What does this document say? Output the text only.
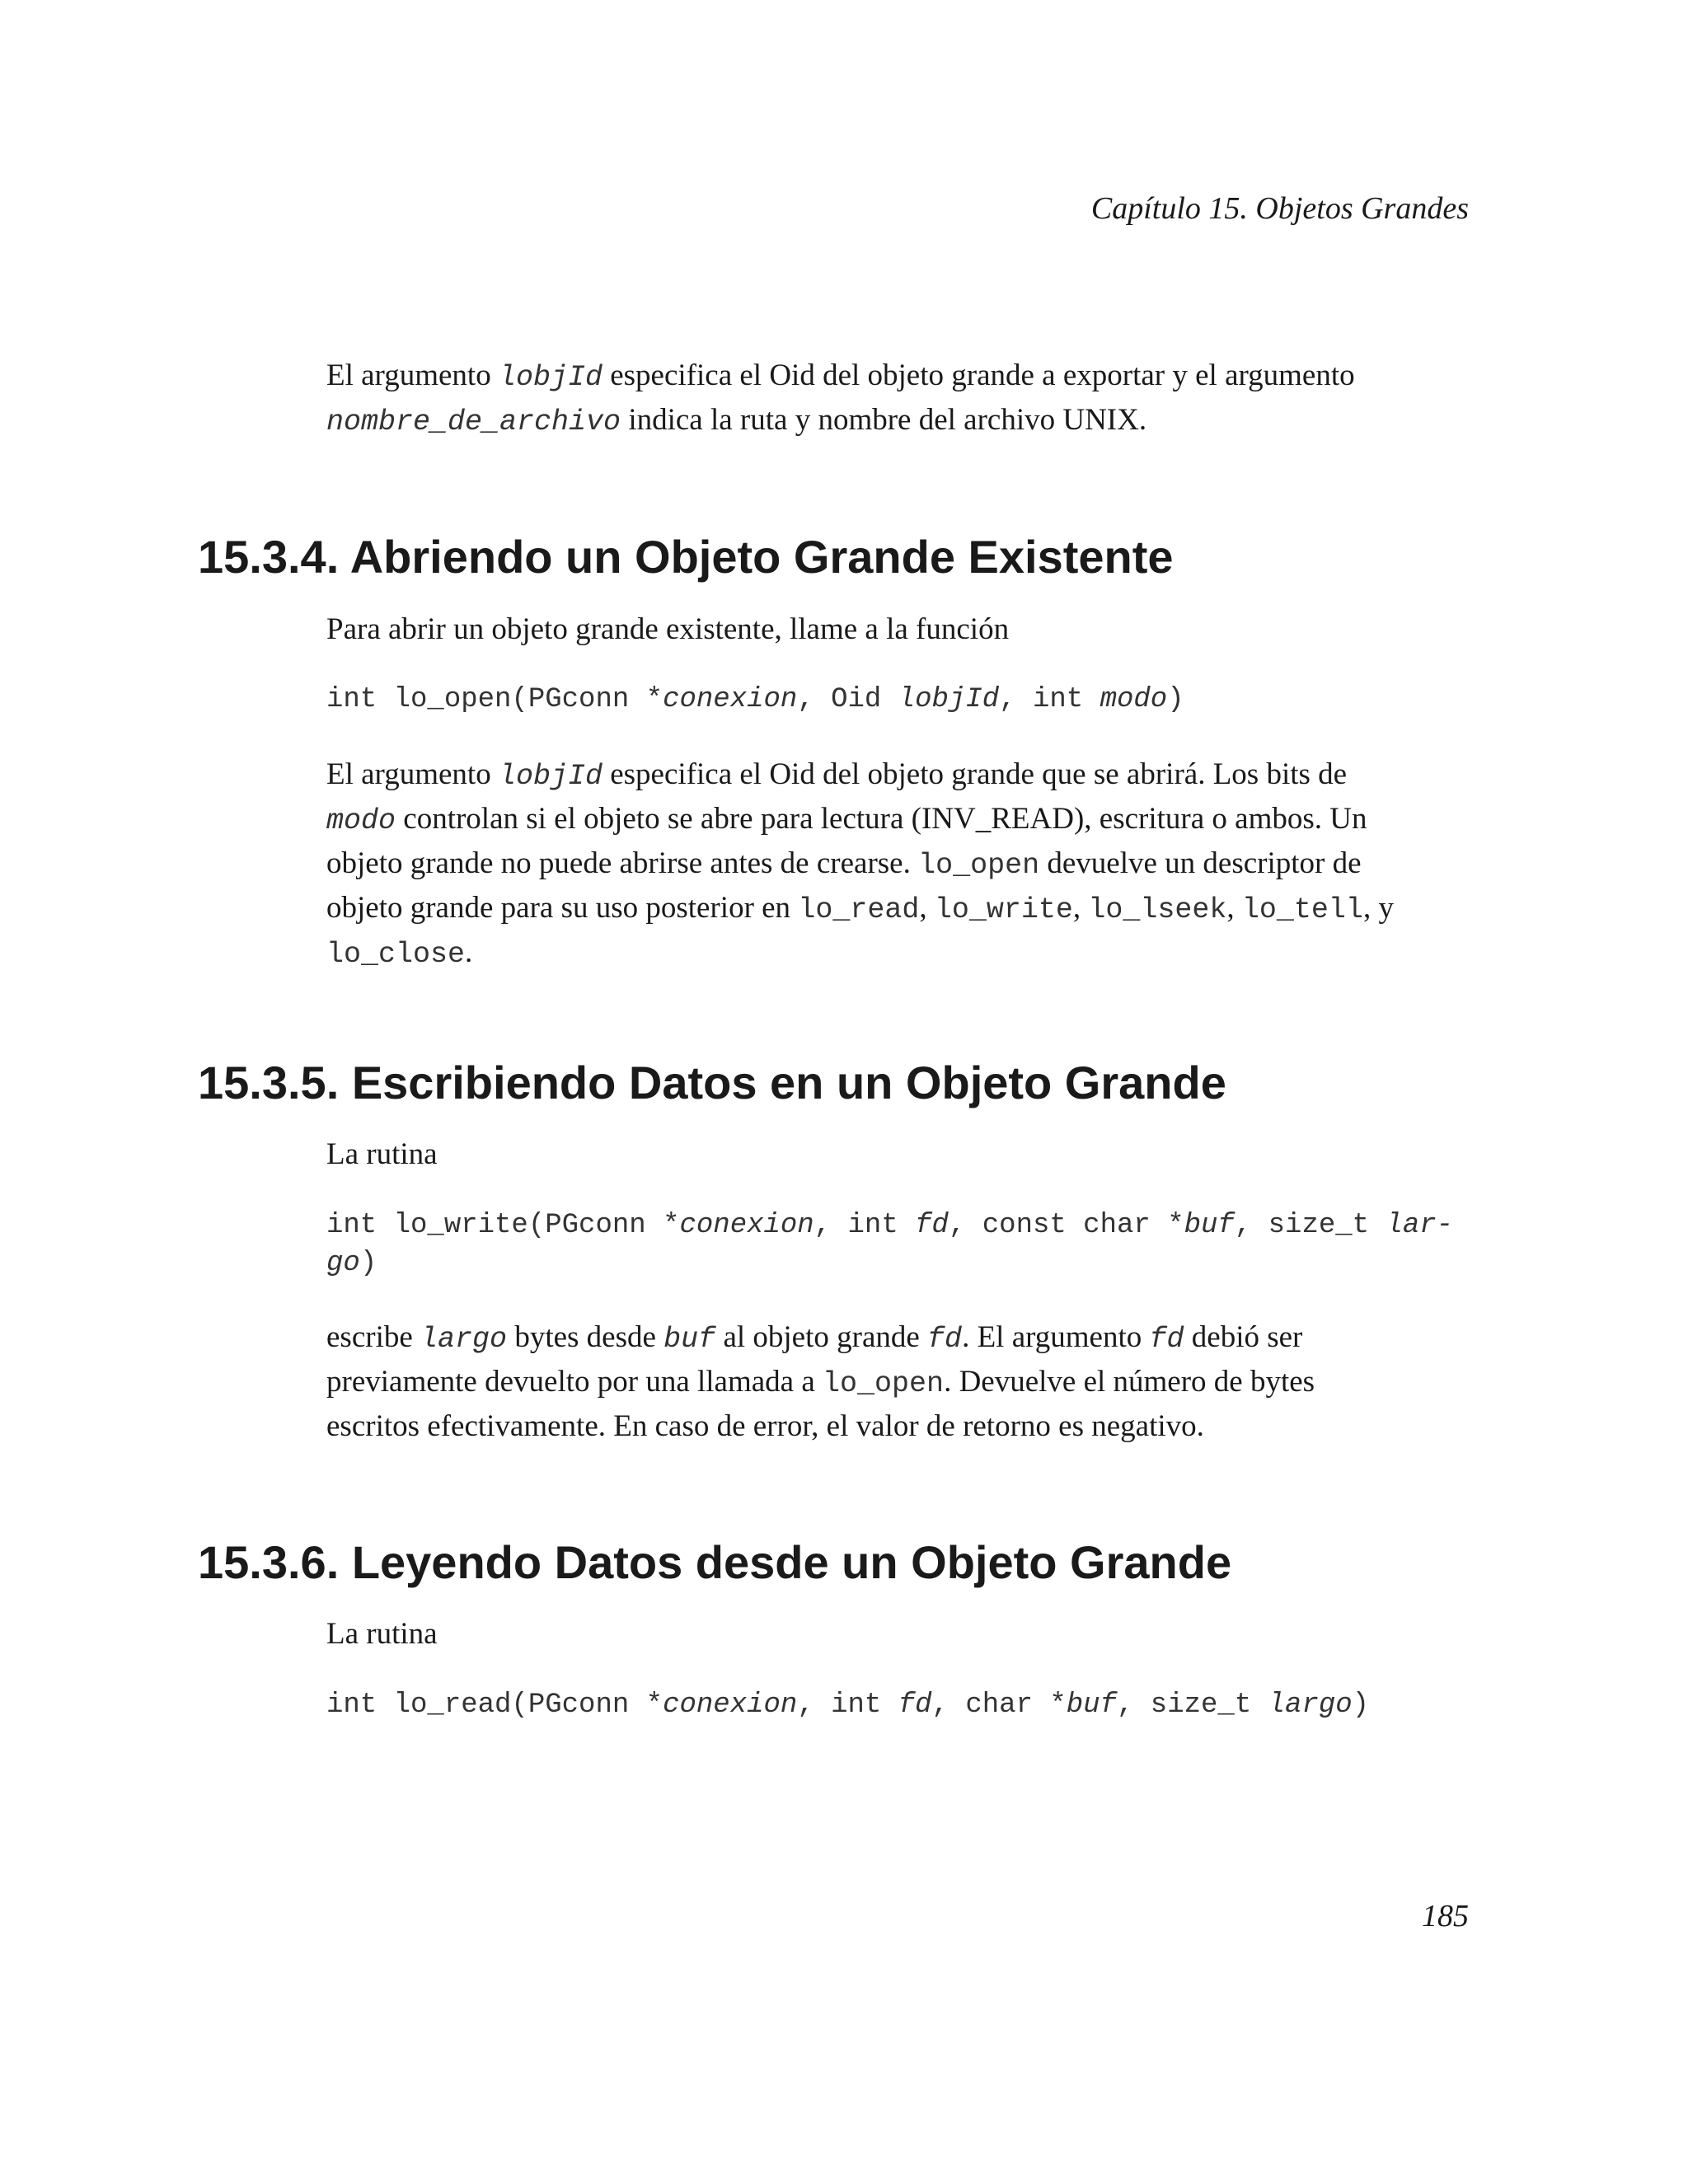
Capítulo 15. Objetos Grandes

El argumento lobjId especifica el Oid del objeto grande a exportar y el argumento
nombre_de_archivo indica la ruta y nombre del archivo UNIX.

15.3.4. Abriendo un Objeto Grande Existente

Para abrir un objeto grande existente, llame a la función

int lo_open(PGconn *conexion, Oid lobjId, int modo)

El argumento lobjId especifica el Oid del objeto grande que se abrirá. Los bits de
modo controlan si el objeto se abre para lectura (INV_READ), escritura o ambos. Un
objeto grande no puede abrirse antes de crearse. lo_open devuelve un descriptor de
objeto grande para su uso posterior en lo_read, lo_write, lo_lseek, lo_tell, y
lo_close.

15.3.5. Escribiendo Datos en un Objeto Grande

La rutina

int lo_write(PGconn *conexion, int fd, const char *buf, size_t lar-
go)

escribe largo bytes desde buf al objeto grande fd. El argumento fd debió ser
previamente devuelto por una llamada a lo_open. Devuelve el número de bytes
escritos efectivamente. En caso de error, el valor de retorno es negativo.

15.3.6. Leyendo Datos desde un Objeto Grande

La rutina

int lo_read(PGconn *conexion, int fd, char *buf, size_t largo)
185
